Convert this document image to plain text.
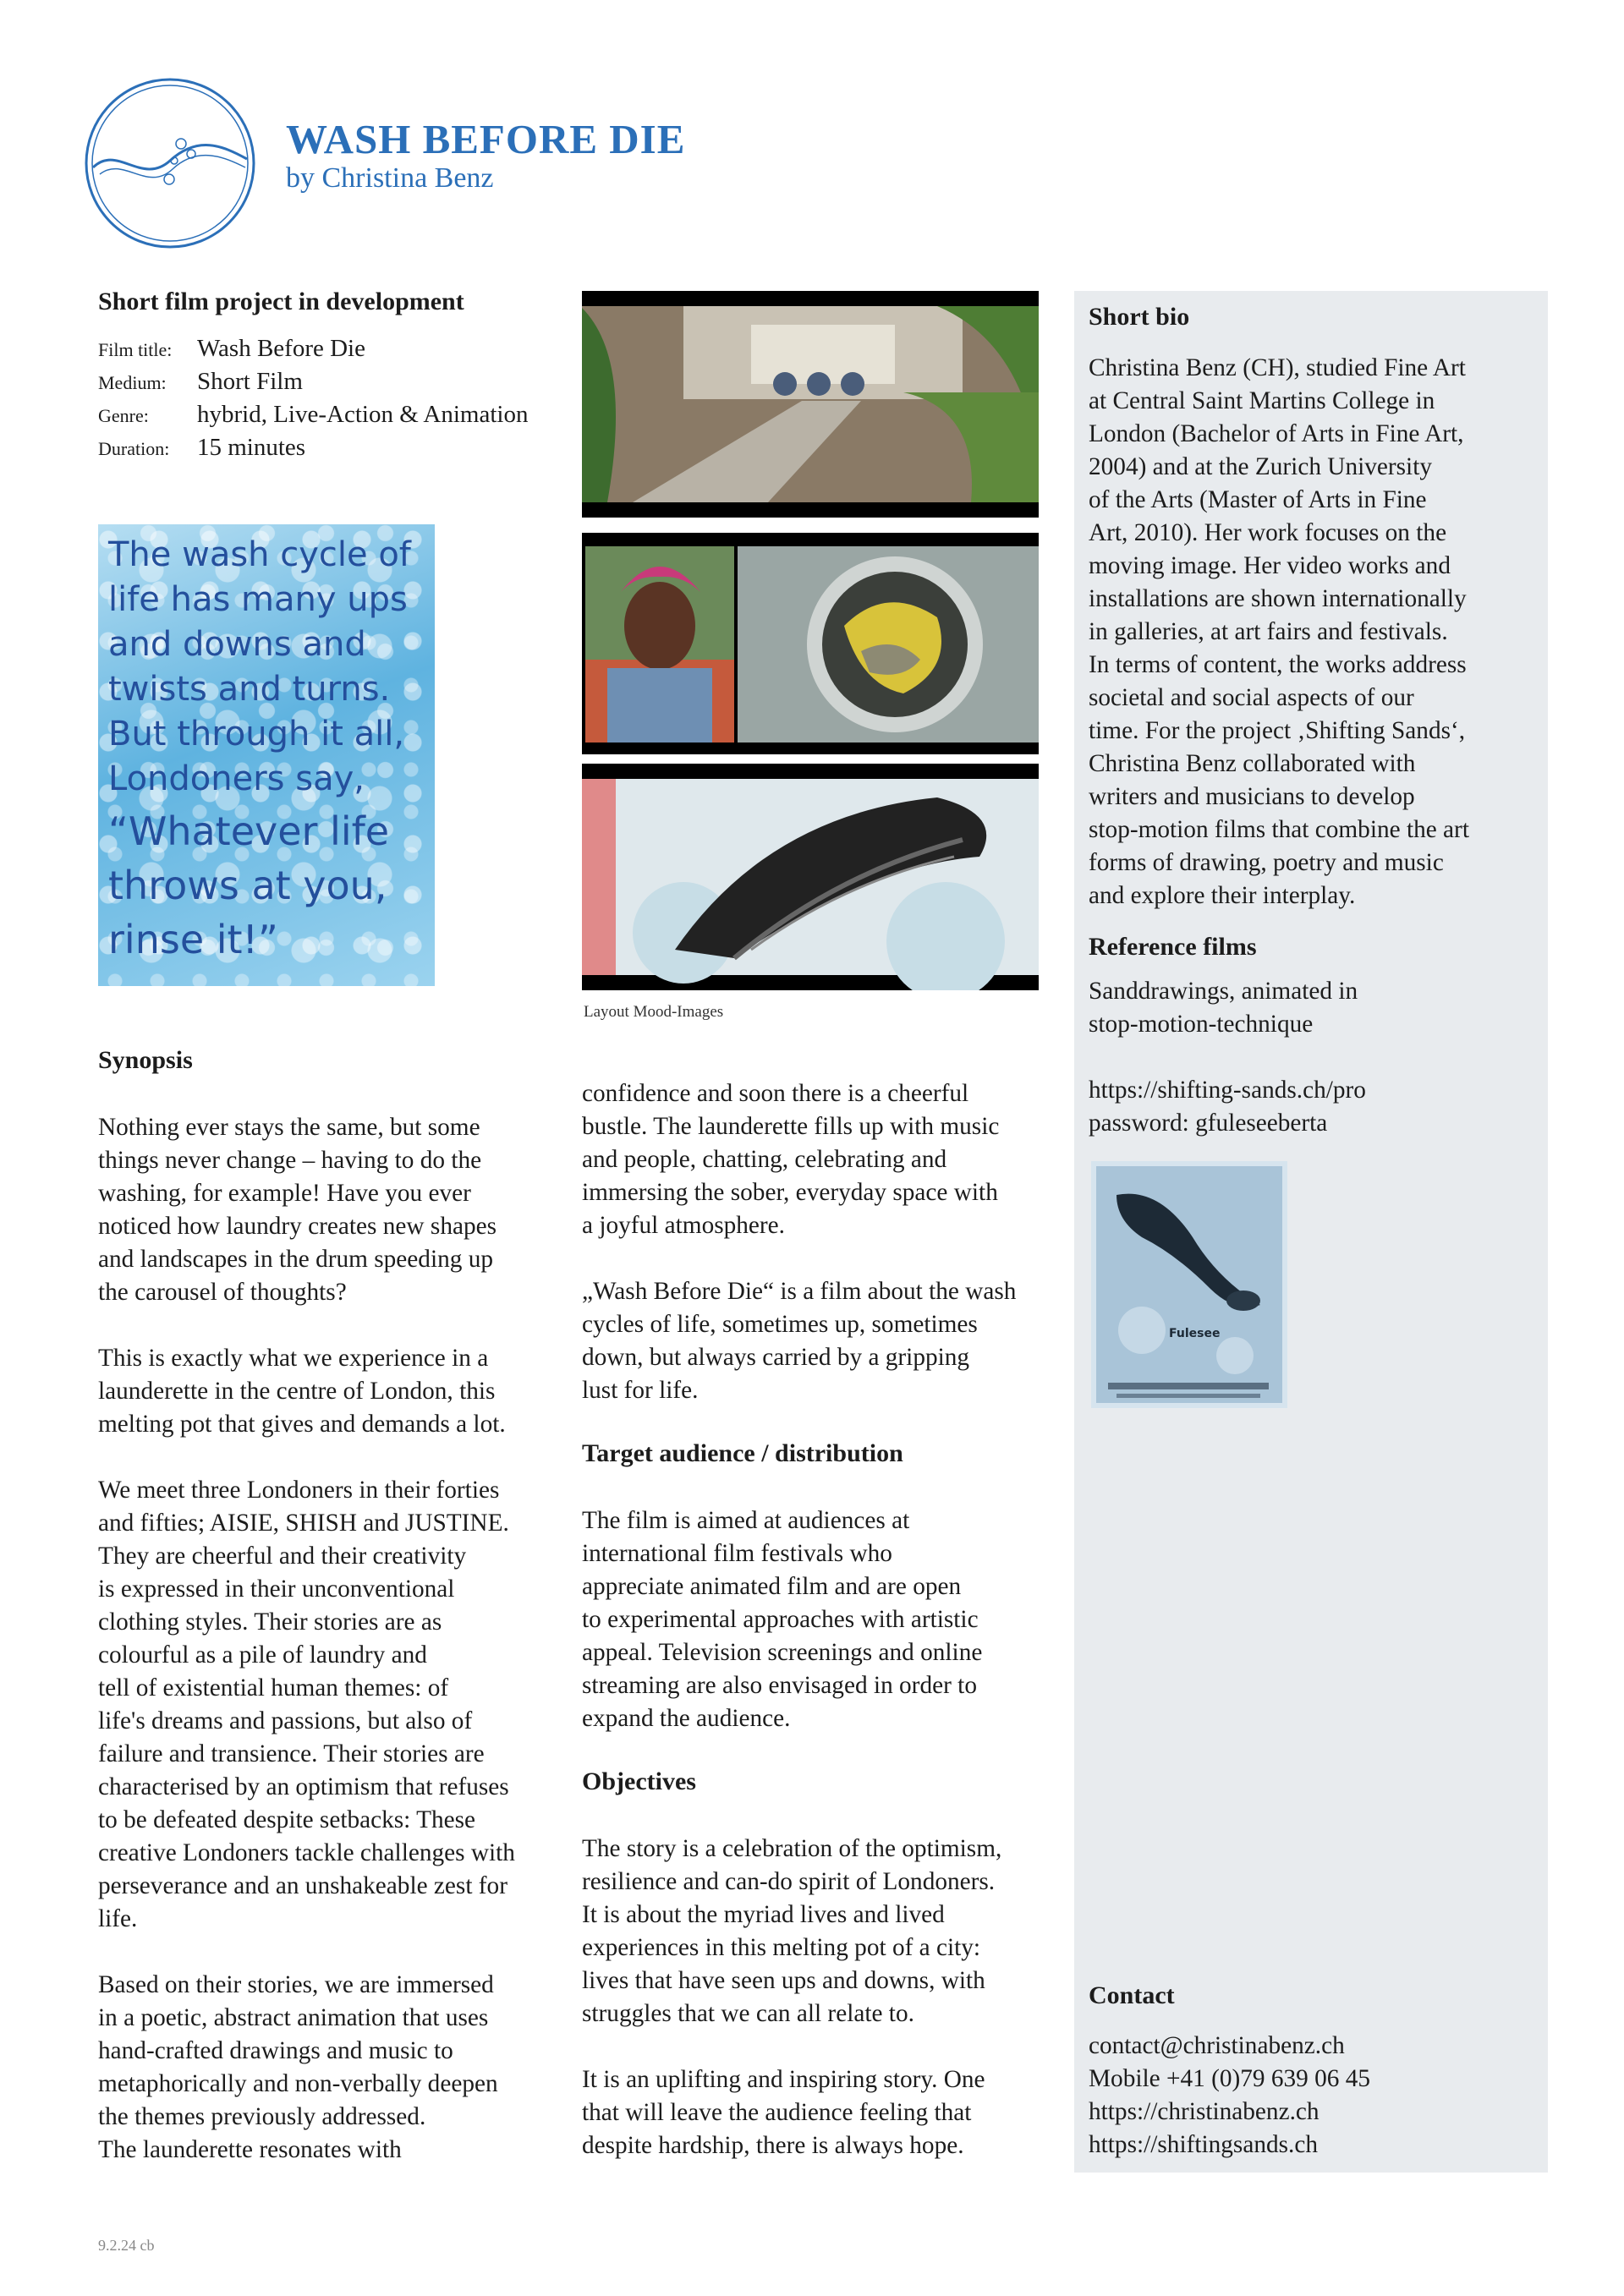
WASH BEFORE DIE
by Christina Benz
Short film project in development
Film title: Wash Before Die
Medium: Short Film
Genre: hybrid, Live-Action & Animation
Duration: 15 minutes
The wash cycle of
life has many ups
and downs and
twists and turns.
But through it all,
Londoners say,
“Whatever life
throws at you,
rinse it!”
Synopsis
Nothing ever stays the same, but some
things never change – having to do the
washing, for example! Have you ever
noticed how laundry creates new shapes
and landscapes in the drum speeding up
the carousel of thoughts?
This is exactly what we experience in a
launderette in the centre of London, this
melting pot that gives and demands a lot.
We meet three Londoners in their forties
and fifties; AISIE, SHISH and JUSTINE.
They are cheerful and their creativity
is expressed in their unconventional
clothing styles. Their stories are as
colourful as a pile of laundry and
tell of existential human themes: of
life's dreams and passions, but also of
failure and transience. Their stories are
characterised by an optimism that refuses
to be defeated despite setbacks: These
creative Londoners tackle challenges with
perseverance and an unshakeable zest for
life.
Based on their stories, we are immersed
in a poetic, abstract animation that uses
hand-crafted drawings and music to
metaphorically and non-verbally deepen
the themes previously addressed.
The launderette resonates with
Layout Mood-Images
confidence and soon there is a cheerful
bustle. The launderette fills up with music
and people, chatting, celebrating and
immersing the sober, everyday space with
a joyful atmosphere.
„Wash Before Die“ is a film about the wash
cycles of life, sometimes up, sometimes
down, but always carried by a gripping
lust for life.
Target audience / distribution
The film is aimed at audiences at
international film festivals who
appreciate animated film and are open
to experimental approaches with artistic
appeal. Television screenings and online
streaming are also envisaged in order to
expand the audience.
Objectives
The story is a celebration of the optimism,
resilience and can-do spirit of Londoners.
It is about the myriad lives and lived
experiences in this melting pot of a city:
lives that have seen ups and downs, with
struggles that we can all relate to.
It is an uplifting and inspiring story. One
that will leave the audience feeling that
despite hardship, there is always hope.
Short bio
Christina Benz (CH), studied Fine Art
at Central Saint Martins College in
London (Bachelor of Arts in Fine Art,
2004) and at the Zurich University
of the Arts (Master of Arts in Fine
Art, 2010). Her work focuses on the
moving image. Her video works and
installations are shown internationally
in galleries, at art fairs and festivals.
In terms of content, the works address
societal and social aspects of our
time. For the project ‚Shifting Sands‘,
Christina Benz collaborated with
writers and musicians to develop
stop-motion films that combine the art
forms of drawing, poetry and music
and explore their interplay.
Reference films
Sanddrawings, animated in
stop-motion-technique
https://shifting-sands.ch/pro
password: gfuleseeberta
Fulesee
Contact
contact@christinabenz.ch
Mobile +41 (0)79 639 06 45
https://christinabenz.ch
https://shiftingsands.ch
9.2.24 cb
